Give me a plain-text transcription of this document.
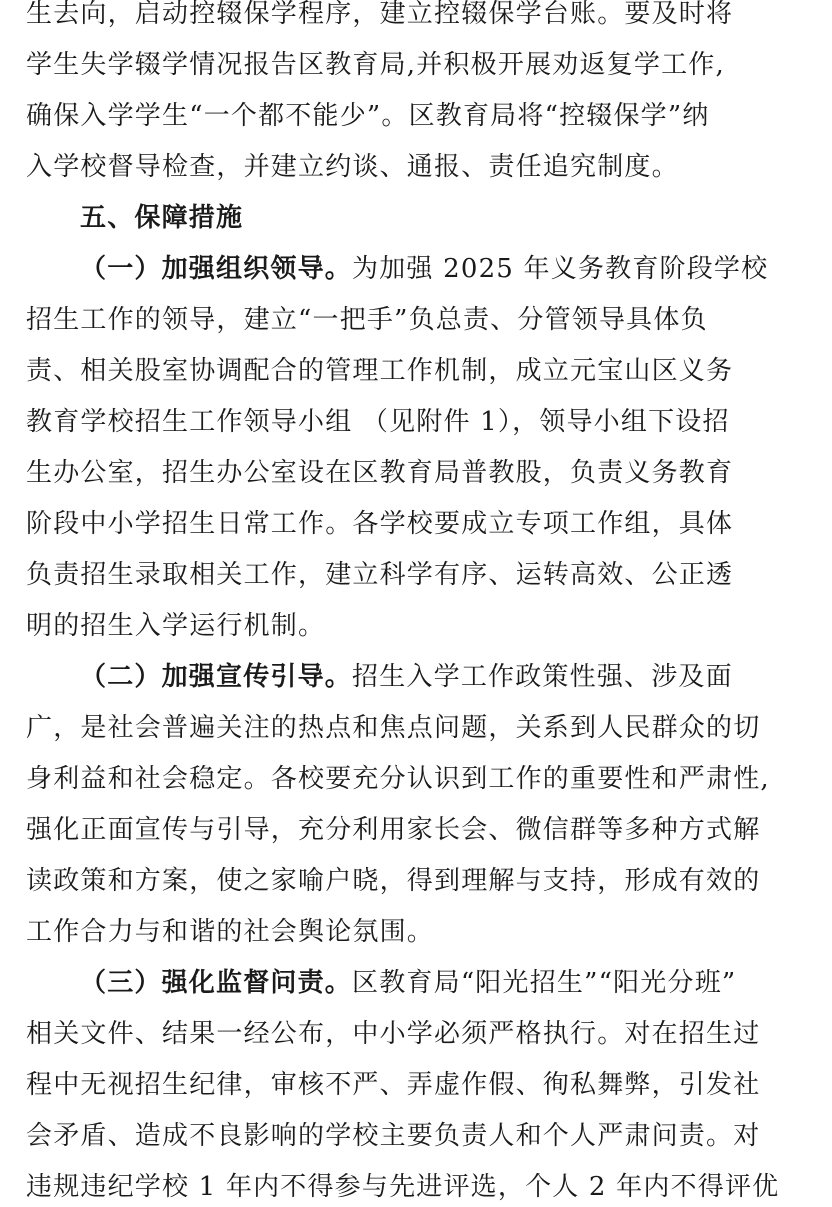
生去向，启动控辍保学程序，建立控辍保学台账。要及时将
学生失学辍学情况报告区教育局,并积极开展劝返复学工作,
确保入学学生“一个都不能少”。区教育局将“控辍保学”纳
入学校督导检查，并建立约谈、通报、责任追究制度。
五、保障措施
（一）加强组织领导。为加强 2025 年义务教育阶段学校
招生工作的领导，建立“一把手”负总责、分管领导具体负
责、相关股室协调配合的管理工作机制，成立元宝山区义务
教育学校招生工作领导小组 （见附件 1），领导小组下设招
生办公室，招生办公室设在区教育局普教股，负责义务教育
阶段中小学招生日常工作。各学校要成立专项工作组，具体
负责招生录取相关工作，建立科学有序、运转高效、公正透
明的招生入学运行机制。
（二）加强宣传引导。招生入学工作政策性强、涉及面
广，是社会普遍关注的热点和焦点问题，关系到人民群众的切
身利益和社会稳定。各校要充分认识到工作的重要性和严肃性,
强化正面宣传与引导，充分利用家长会、微信群等多种方式解
读政策和方案，使之家喻户晓，得到理解与支持，形成有效的
工作合力与和谐的社会舆论氛围。
（三）强化监督问责。区教育局“阳光招生”“阳光分班”
相关文件、结果一经公布，中小学必须严格执行。对在招生过
程中无视招生纪律，审核不严、弄虚作假、徇私舞弊，引发社
会矛盾、造成不良影响的学校主要负责人和个人严肃问责。对
违规违纪学校 1 年内不得参与先进评选，个人 2 年内不得评优
